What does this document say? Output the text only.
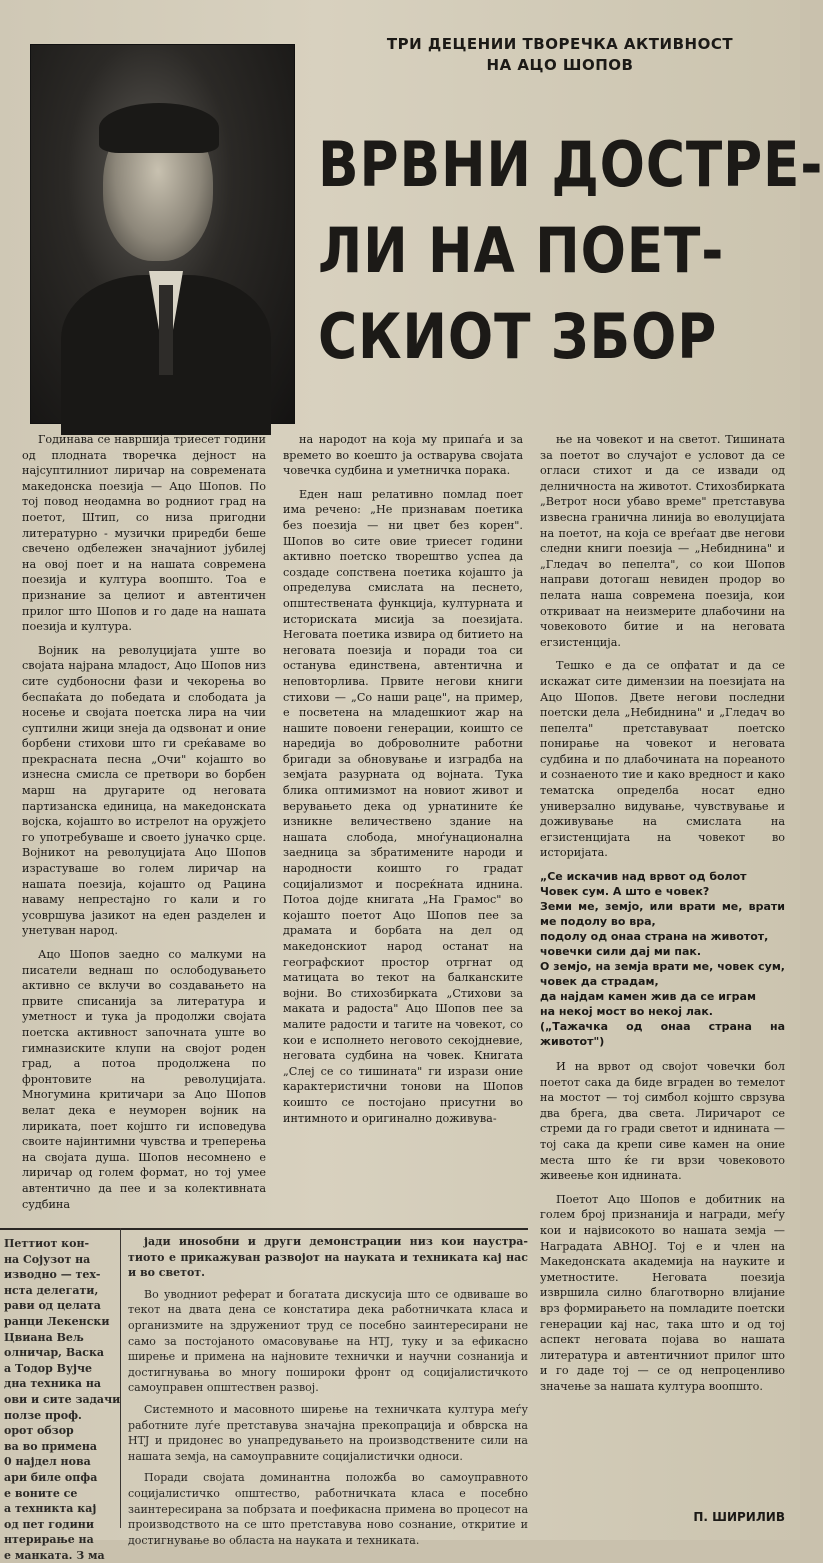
ТРИ ДЕЦЕНИИ ТВОРЕЧКА АКТИВНОСТ
НА АЦО ШОПОВ
ВРВНИ ДОСТРЕ-
ЛИ НА ПОЕТ-
СКИОТ ЗБОР

Годинава се навршија триесет години од плодната творечка дејност на најсуптилниот лиричар на современата македонска поезија — Ацо Шопов. По тој повод неодамна во родниот град на поетот, Штип, со низа пригодни литературно - музички приредби беше свечено одбележен значајниот јубилеј на овој поет и на нашата современа поезија и култура воопшто. Тоа е признание за целиот и автентичен прилог што Шопов и го даде на нашата поезија и култура.

Војник на револуцијата уште во својата најрана младост, Ацо Шопов низ сите судбоносни фази и чекорења во беспаќата до победата и слободата ја носење и својата поетска лира на чии суптилни жици знеја да одѕвонат и оние борбени стихови што ги среќаваме во прекрасната песна „Очи" којашто во изнесна смисла се претвори во борбен марш на другарите од неговата партизанска единица, на македонската војска, којашто во истрелот на оружјето го употребуваше и своето јуначко срце. Војникот на револуцијата Ацо Шопов израстуваше во голем лиричар на нашата поезија, којашто од Рацина наваму непрестајно го кали и го усовршува јазикот на еден разделен и унетуван народ.

Ацо Шопов заедно со малкуми на писатели веднаш по ослободувањето активно се вклучи во создавањето на првите списанија за литература и уметност и тука ја продолжи својата поетска активност започната уште во гимназиските клупи на својот роден град, а потоа продолжена по фронтовите на револуцијата. Многумина критичари за Ацо Шопов велат дека е неуморен војник на лириката, поет којшто ги исповедува своите најинтимни чувства и треперења на својата душа. Шопов несомнено е лиричар од голем формат, но тој умее автентично да пее и за колективната судбина

на народот на која му припаѓа и за времето во коешто ја остварува својата човечка судбина и уметничка порака.

Еден наш релативно помлад поет има речено: „Не признавам поетика без поезија — ни цвет без корен". Шопов во сите овие триесет години активно поетско творештво успеа да создаде сопствена поетика којашто ја определува смислата на песнето, општествената функција, културната и историската мисија за поезијата. Неговата поетика извира од битието на неговата поезија и поради тоа си останува единствена, автентична и неповторлива. Првите негови книги стихови — „Со наши раце", на пример, е посветена на младешкиот жар на нашите повоени генерации, коишто се наредија во доброволните работни бригади за обновување и изградба на земјата разурната од војната. Тука блика оптимизмот на новиот живот и верувањето дека од урнатините ќе изникне величествено здание на нашата слобода, мноѓунационална заедница за збратимените народи и народности коишто го градат социјализмот и посреќната иднина. Потоа дојде книгата „На Грамос" во којашто поетот Ацо Шопов пее за драмата и борбата на дел од македонскиот народ останат на географскиот простор отргнат од матицата во текот на балканските војни. Во стихозбирката „Стихови за маката и радоста" Ацо Шопов пее за малите радости и тагите на човекот, со кои е исполнето неговото секојдневие, неговата судбина на човек. Книгата „Слеј се со тишината" ги изрази оние карактеристични тонови на Шопов коишто се постојано присутни во интимното и оригинално доживува-

ње на човекот и на светот. Тишината за поетот во случајот е условот да се огласи стихот и да се извади од делничноста на животот. Стихозбирката „Ветрот носи убаво време" претставува извесна гранична линија во еволуцијата на поетот, на која се вреѓаат две негови следни книги поезија — „Небиднина" и „Гледач во пепелта", со кои Шопов направи дотогаш невиден продор во пелата наша современа поезија, кои откриваат на неизмерите длабочини на човековото битие и на неговата егзистенција.

Тешко е да се опфатат и да се искажат сите димензии на поезијата на Ацо Шопов. Двете негови последни поетски дела „Небиднина" и „Гледач во пепелта" претставуваат поетско понирање на човекот и неговата судбина и по длабочината на пореаното и сознаеното тие и како вредност и како тематска определба носат едно универзално видување, чувствување и доживување на смислата на егзистенцијата на човекот во историјата.

„Се искачив над врвот од болот
Човек сум. А што е човек?
Земи ме, земјо, или врати ме, врати ме подолу во вра,
подолу од онаа страна на животот,
човечки сили дај ми пак.
О земјо, на земја врати ме, човек сум, човек да страдам,
да најдам камен жив да се играм
на некој мост во некој лак.
(„Тажачка од онаа страна на животот")

И на врвот од својот човечки бол поетот сака да биде вграден во темелот на мостот — тој симбол којшто сврзува два брега, два света. Лиричарот се стреми да го гради светот и иднината — тој сака да крепи сиве камен на оние места што ќе ги врзи човековото живеење кон иднината.

Поетот Ацо Шопов е добитник на голем број признанија и награди, меѓу кои и највисокото во нашата земја — Наградата АВНОЈ. Тој е и член на Македонската академија на науките и уметностите. Неговата поезија извршила силно благотворно влијание врз формирањето на помладите поетски генерации кај нас, така што и од тој аспект неговата појава во нашата литература и автентичниот прилог што и го даде тој — се од непроценливо значење за нашата култура воопшто.

Петтиот кон-
на Сојузот на
изводно — тех-
нста делегати,
рави од целата
ранци Лекенски
Цвиана Вељ
олничар, Васка
а Тодор Вујче
дна техника на
ови и сите задачи
ползе проф.
орот обзор
ва во примена
0 најдел нова
ари биле опфа
е воните се
а техникта кај
од пет години
нтерирање на
е манката. З ма

јади иноѕобни и други демонстрации низ кои наустра-тиото е прикажуван развојот на науката и техниката кај нас и во светот.

Во уводниот реферат и богатата дискусија што се одвиваше во текот на двата дена се констатира дека работничката класа и организмите на здружениот труд се посебно заинтересирани не само за постојаното омасовување на НТЈ, туку и за ефикасно ширење и примена на најновите технички и научни сознанија и достигнувања во многу пошироки фронт од социјалистичкото самоуправен општествен развој.

Системното и масовното ширење на техничката култура меѓу работните луѓе претставува значајна прекопрација и обврска на НТЈ и придонес во унапредувањето на производствените сили на нашата земја, на самоуправните социјалистички односи.

Поради својата доминантна положба во самоуправното социјалистичко општество, работничката класа е посебно заинтересирана за побрзата и поефикасна примена во процесот на производството на се што претставува ново сознание, откритие и достигнување во областа на науката и техниката.

П. ШИРИЛИВ
